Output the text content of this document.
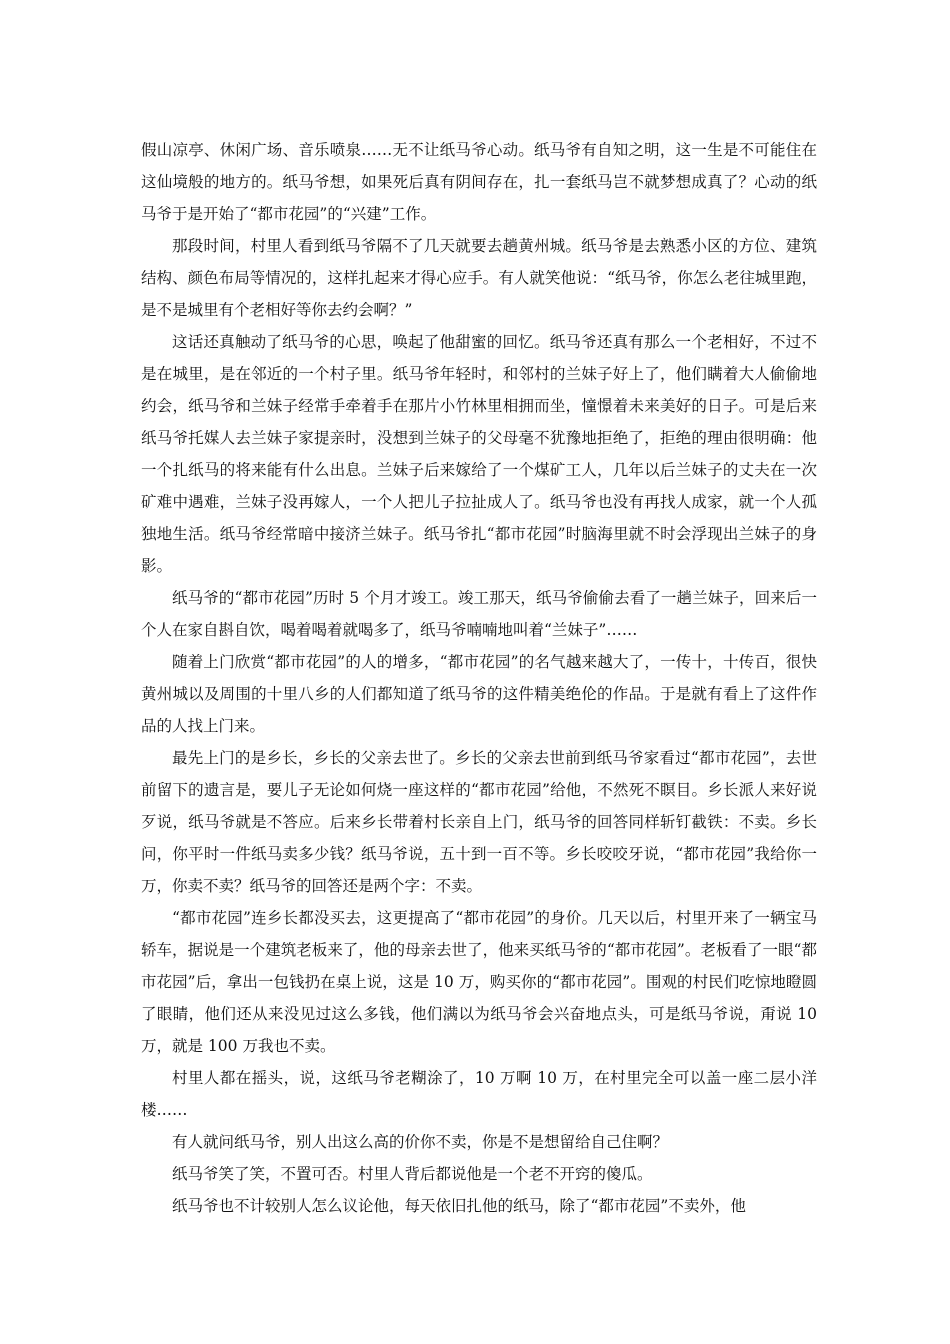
假山凉亭、休闲广场、音乐喷泉……无不让纸马爷心动。纸马爷有自知之明，这一生是不可能住在这仙境般的地方的。纸马爷想，如果死后真有阴间存在，扎一套纸马岂不就梦想成真了？心动的纸马爷于是开始了“都市花园”的“兴建”工作。

那段时间，村里人看到纸马爷隔不了几天就要去趟黄州城。纸马爷是去熟悉小区的方位、建筑结构、颜色布局等情况的，这样扎起来才得心应手。有人就笑他说：“纸马爷，你怎么老往城里跑，是不是城里有个老相好等你去约会啊？”

这话还真触动了纸马爷的心思，唤起了他甜蜜的回忆。纸马爷还真有那么一个老相好，不过不是在城里，是在邻近的一个村子里。纸马爷年轻时，和邻村的兰妹子好上了，他们瞒着大人偷偷地约会，纸马爷和兰妹子经常手牵着手在那片小竹林里相拥而坐，憧憬着未来美好的日子。可是后来纸马爷托媒人去兰妹子家提亲时，没想到兰妹子的父母毫不犹豫地拒绝了，拒绝的理由很明确：他一个扎纸马的将来能有什么出息。兰妹子后来嫁给了一个煤矿工人，几年以后兰妹子的丈夫在一次矿难中遇难，兰妹子没再嫁人，一个人把儿子拉扯成人了。纸马爷也没有再找人成家，就一个人孤独地生活。纸马爷经常暗中接济兰妹子。纸马爷扎“都市花园”时脑海里就不时会浮现出兰妹子的身影。

纸马爷的“都市花园”历时 5 个月才竣工。竣工那天，纸马爷偷偷去看了一趟兰妹子，回来后一个人在家自斟自饮，喝着喝着就喝多了，纸马爷喃喃地叫着“兰妹子”……

随着上门欣赏“都市花园”的人的增多，“都市花园”的名气越来越大了，一传十，十传百，很快黄州城以及周围的十里八乡的人们都知道了纸马爷的这件精美绝伦的作品。于是就有看上了这件作品的人找上门来。

最先上门的是乡长，乡长的父亲去世了。乡长的父亲去世前到纸马爷家看过“都市花园”，去世前留下的遗言是，要儿子无论如何烧一座这样的“都市花园”给他，不然死不瞑目。乡长派人来好说歹说，纸马爷就是不答应。后来乡长带着村长亲自上门，纸马爷的回答同样斩钉截铁：不卖。乡长问，你平时一件纸马卖多少钱？纸马爷说，五十到一百不等。乡长咬咬牙说，“都市花园”我给你一万，你卖不卖？纸马爷的回答还是两个字：不卖。

“都市花园”连乡长都没买去，这更提高了“都市花园”的身价。几天以后，村里开来了一辆宝马轿车，据说是一个建筑老板来了，他的母亲去世了，他来买纸马爷的“都市花园”。老板看了一眼“都市花园”后，拿出一包钱扔在桌上说，这是 10 万，购买你的“都市花园”。围观的村民们吃惊地瞪圆了眼睛，他们还从来没见过这么多钱，他们满以为纸马爷会兴奋地点头，可是纸马爷说，甭说 10 万，就是 100 万我也不卖。

村里人都在摇头，说，这纸马爷老糊涂了，10 万啊 10 万，在村里完全可以盖一座二层小洋楼……

有人就问纸马爷，别人出这么高的价你不卖，你是不是想留给自己住啊？

纸马爷笑了笑，不置可否。村里人背后都说他是一个老不开窍的傻瓜。

纸马爷也不计较别人怎么议论他，每天依旧扎他的纸马，除了“都市花园”不卖外，他
